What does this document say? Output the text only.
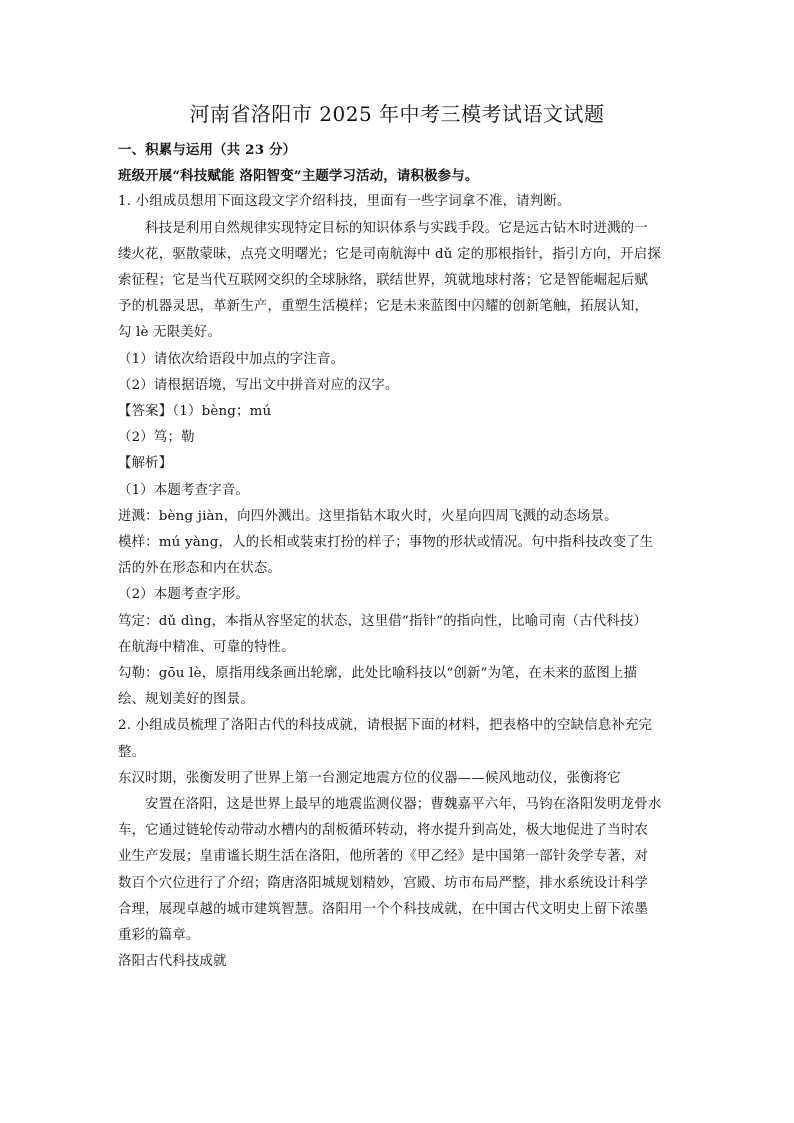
河南省洛阳市 2025 年中考三模考试语文试题
一、积累与运用（共 23 分）
班级开展“科技赋能 洛阳智变”主题学习活动，请积极参与。
1. 小组成员想用下面这段文字介绍科技，里面有一些字词拿不准，请判断。
科技是利用自然规律实现特定目标的知识体系与实践手段。它是远古钻木时迸溅的一
缕火花，驱散蒙昧，点亮文明曙光；它是司南航海中 dǔ 定的那根指针，指引方向，开启探
索征程；它是当代互联网交织的全球脉络，联结世界，筑就地球村落；它是智能崛起后赋
予的机器灵思，革新生产，重塑生活模样；它是未来蓝图中闪耀的创新笔触，拓展认知，
勾 lè 无限美好。
（1）请依次给语段中加点的字注音。
（2）请根据语境，写出文中拼音对应的汉字。
【答案】（1）bèng；mú
（2）笃；勒
【解析】
（1）本题考查字音。
迸溅：bèng jiàn，向四外溅出。这里指钻木取火时，火星向四周飞溅的动态场景。
模样：mú yàng，人的长相或装束打扮的样子；事物的形状或情况。句中指科技改变了生
活的外在形态和内在状态。
（2）本题考查字形。
笃定：dǔ dìng，本指从容坚定的状态，这里借“指针”的指向性，比喻司南（古代科技）
在航海中精准、可靠的特性。
勾勒：gōu lè，原指用线条画出轮廓，此处比喻科技以“创新”为笔，在未来的蓝图上描
绘、规划美好的图景。
2. 小组成员梳理了洛阳古代的科技成就，请根据下面的材料，把表格中的空缺信息补充完
整。
东汉时期，张衡发明了世界上第一台测定地震方位的仪器——候风地动仪，张衡将它
安置在洛阳，这是世界上最早的地震监测仪器；曹魏嘉平六年，马钧在洛阳发明龙骨水
车，它通过链轮传动带动水槽内的刮板循环转动，将水提升到高处，极大地促进了当时农
业生产发展；皇甫谧长期生活在洛阳，他所著的《甲乙经》是中国第一部针灸学专著，对
数百个穴位进行了介绍；隋唐洛阳城规划精妙，宫殿、坊市布局严整，排水系统设计科学
合理，展现卓越的城市建筑智慧。洛阳用一个个科技成就，在中国古代文明史上留下浓墨
重彩的篇章。
洛阳古代科技成就
